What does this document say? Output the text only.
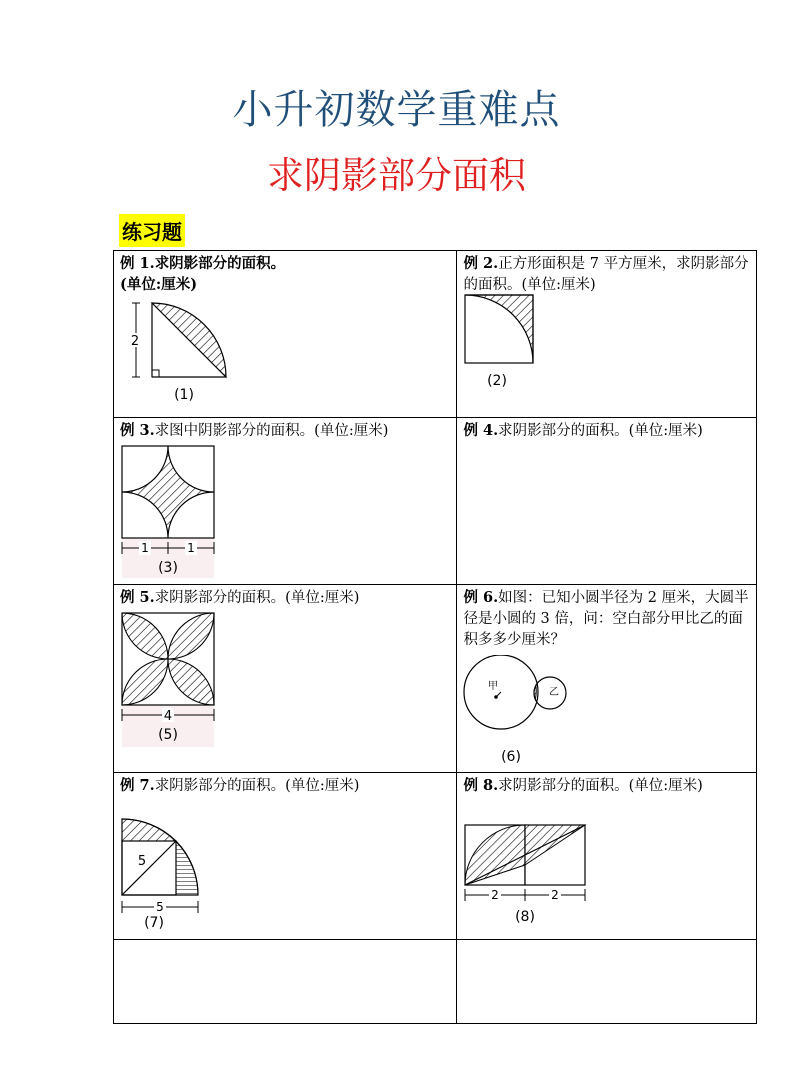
小升初数学重难点
求阴影部分面积
练习题
例 1.求阴影部分的面积。
(单位:厘米)
2
(1)	例 2.正方形面积是 7 平方厘米，求阴影部分的面积。(单位:厘米)
(2)

例 3.求图中阴影部分的面积。(单位:厘米)
1 1
(3)	例 4.求阴影部分的面积。(单位:厘米)

例 5.求阴影部分的面积。(单位:厘米)
4
(5)	例 6.如图：已知小圆半径为 2 厘米，大圆半径是小圆的 3 倍，问：空白部分甲比乙的面积多多少厘米？
甲
乙
(6)

例 7.求阴影部分的面积。(单位:厘米)
5
5
(7)	例 8.求阴影部分的面积。(单位:厘米)
2 2
(8)
